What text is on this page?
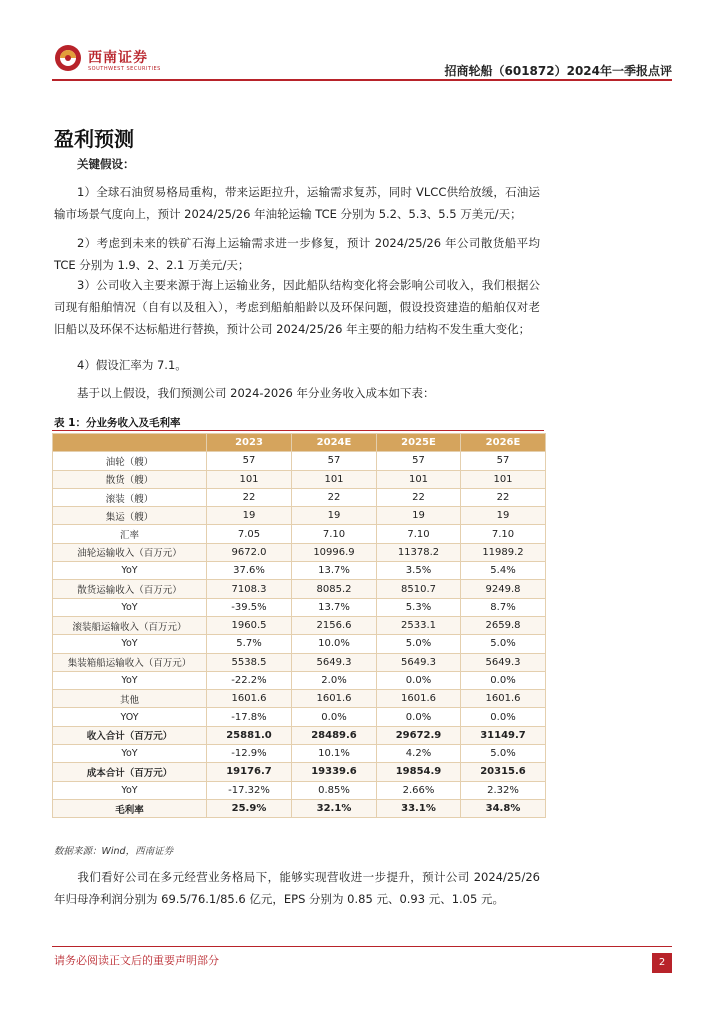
西南证券
SOUTHWEST SECURITIES	招商轮船（601872）2024年一季报点评
盈利预测
关键假设：
1）全球石油贸易格局重构，带来运距拉升，运输需求复苏，同时 VLCC供给放缓，石油运输市场景气度向上，预计 2024/25/26 年油轮运输 TCE 分别为 5.2、5.3、5.5 万美元/天；
2）考虑到未来的铁矿石海上运输需求进一步修复，预计 2024/25/26 年公司散货船平均 TCE 分别为 1.9、2、2.1 万美元/天；
3）公司收入主要来源于海上运输业务，因此船队结构变化将会影响公司收入，我们根据公司现有船舶情况（自有以及租入），考虑到船舶船龄以及环保问题，假设投资建造的船舶仅对老旧船以及环保不达标船进行替换，预计公司 2024/25/26 年主要的船力结构不发生重大变化；
4）假设汇率为 7.1。
基于以上假设，我们预测公司 2024-2026 年分业务收入成本如下表：
表 1：分业务收入及毛利率
	2023	2024E	2025E	2026E
油轮（艘）	57	57	57	57
散货（艘）	101	101	101	101
滚装（艘）	22	22	22	22
集运（艘）	19	19	19	19
汇率	7.05	7.10	7.10	7.10
油轮运输收入（百万元）	9672.0	10996.9	11378.2	11989.2
YoY	37.6%	13.7%	3.5%	5.4%
散货运输收入（百万元）	7108.3	8085.2	8510.7	9249.8
YoY	-39.5%	13.7%	5.3%	8.7%
滚装船运输收入（百万元）	1960.5	2156.6	2533.1	2659.8
YoY	5.7%	10.0%	5.0%	5.0%
集装箱船运输收入（百万元）	5538.5	5649.3	5649.3	5649.3
YoY	-22.2%	2.0%	0.0%	0.0%
其他	1601.6	1601.6	1601.6	1601.6
YOY	-17.8%	0.0%	0.0%	0.0%
收入合计（百万元）	25881.0	28489.6	29672.9	31149.7
YoY	-12.9%	10.1%	4.2%	5.0%
成本合计（百万元）	19176.7	19339.6	19854.9	20315.6
YoY	-17.32%	0.85%	2.66%	2.32%
毛利率	25.9%	32.1%	33.1%	34.8%
数据来源：Wind，西南证券
我们看好公司在多元经营业务格局下，能够实现营收进一步提升，预计公司 2024/25/26 年归母净利润分别为 69.5/76.1/85.6 亿元，EPS 分别为 0.85 元、0.93 元、1.05 元。
请务必阅读正文后的重要声明部分	2
